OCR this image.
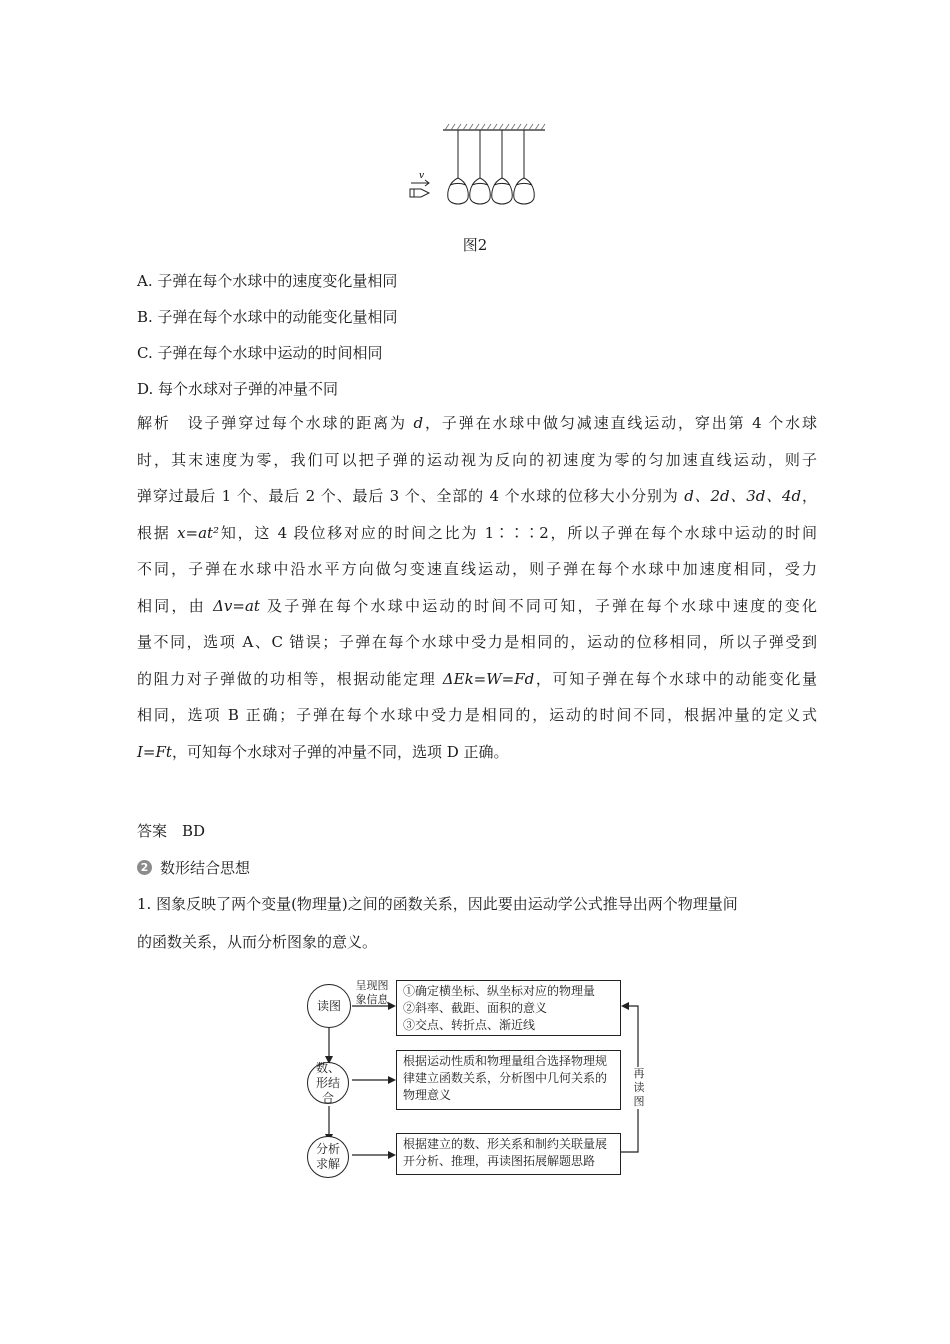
v
图2
A. 子弹在每个水球中的速度变化量相同
B. 子弹在每个水球中的动能变化量相同
C. 子弹在每个水球中运动的时间相同
D. 每个水球对子弹的冲量不同

解析　设子弹穿过每个水球的距离为 d，子弹在水球中做匀减速直线运动，穿出第 4 个水球

时，其末速度为零，我们可以把子弹的运动视为反向的初速度为零的匀加速直线运动，则子

弹穿过最后 1 个、最后 2 个、最后 3 个、全部的 4 个水球的位移大小分别为 d、2d、3d、4d，

根据 x=at²知，这 4 段位移对应的时间之比为 1∶∶∶2，所以子弹在每个水球中运动的时间

不同，子弹在水球中沿水平方向做匀变速直线运动，则子弹在每个水球中加速度相同，受力

相同，由 Δv=at 及子弹在每个水球中运动的时间不同可知，子弹在每个水球中速度的变化

量不同，选项 A、C 错误；子弹在每个水球中受力是相同的，运动的位移相同，所以子弹受到

的阻力对子弹做的功相等，根据动能定理 ΔEk=W=Fd，可知子弹在每个水球中的动能变化量

相同，选项 B 正确；子弹在每个水球中受力是相同的，运动的时间不同，根据冲量的定义式

I=Ft，可知每个水球对子弹的冲量不同，选项 D 正确。

答案　BD
2 数形结合思想

1. 图象反映了两个变量(物理量)之间的函数关系，因此要由运动学公式推导出两个物理量间

的函数关系，从而分析图象的意义。

读图
呈现图象信息
①确定横坐标、纵坐标对应的物理量
②斜率、截距、面积的意义
③交点、转折点、渐近线
数、形结合
根据运动性质和物理量组合选择物理规律建立函数关系，分析图中几何关系的物理意义
分析求解
根据建立的数、形关系和制约关联量展开分析、推理，再读图拓展解题思路
再读图
